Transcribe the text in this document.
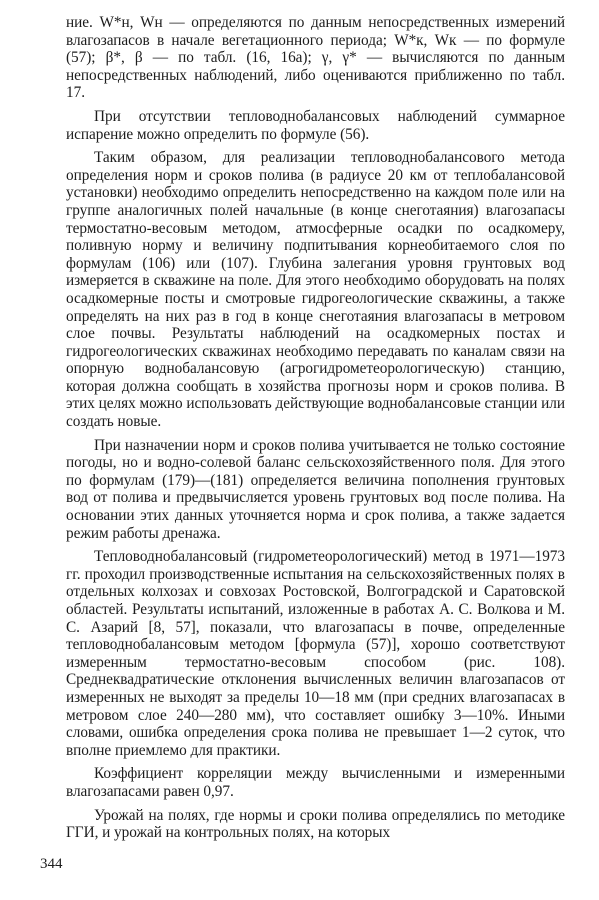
ние. W*н, Wн — определяются по данным непосредственных измерений влагозапасов в начале вегетационного периода; W*к, Wк — по формуле (57); β*, β — по табл. (16, 16а); γ, γ* — вычисляются по данным непосредственных наблюдений, либо оцениваются приближенно по табл. 17.

При отсутствии тепловоднобалансовых наблюдений суммарное испарение можно определить по формуле (56).

Таким образом, для реализации тепловоднобалансового метода определения норм и сроков полива (в радиусе 20 км от теплобалансовой установки) необходимо определить непосредственно на каждом поле или на группе аналогичных полей начальные (в конце снеготаяния) влагозапасы термостатно-весовым методом, атмосферные осадки по осадкомеру, поливную норму и величину подпитывания корнеобитаемого слоя по формулам (106) или (107). Глубина залегания уровня грунтовых вод измеряется в скважине на поле. Для этого необходимо оборудовать на полях осадкомерные посты и смотровые гидрогеологические скважины, а также определять на них раз в год в конце снеготаяния влагозапасы в метровом слое почвы. Результаты наблюдений на осадкомерных постах и гидрогеологических скважинах необходимо передавать по каналам связи на опорную воднобалансовую (агрогидрометеорологическую) станцию, которая должна сообщать в хозяйства прогнозы норм и сроков полива. В этих целях можно использовать действующие воднобалансовые станции или создать новые.

При назначении норм и сроков полива учитывается не только состояние погоды, но и водно-солевой баланс сельскохозяйственного поля. Для этого по формулам (179)—(181) определяется величина пополнения грунтовых вод от полива и предвычисляется уровень грунтовых вод после полива. На основании этих данных уточняется норма и срок полива, а также задается режим работы дренажа.

Тепловоднобалансовый (гидрометеорологический) метод в 1971—1973 гг. проходил производственные испытания на сельскохозяйственных полях в отдельных колхозах и совхозах Ростовской, Волгоградской и Саратовской областей. Результаты испытаний, изложенные в работах А. С. Волкова и М. С. Азарий [8, 57], показали, что влагозапасы в почве, определенные тепловоднобалансовым методом [формула (57)], хорошо соответствуют измеренным термостатно-весовым способом (рис. 108). Среднеквадратические отклонения вычисленных величин влагозапасов от измеренных не выходят за пределы 10—18 мм (при средних влагозапасах в метровом слое 240—280 мм), что составляет ошибку 3—10%. Иными словами, ошибка определения срока полива не превышает 1—2 суток, что вполне приемлемо для практики.

Коэффициент корреляции между вычисленными и измеренными влагозапасами равен 0,97.

Урожай на полях, где нормы и сроки полива определялись по методике ГГИ, и урожай на контрольных полях, на которых

344
